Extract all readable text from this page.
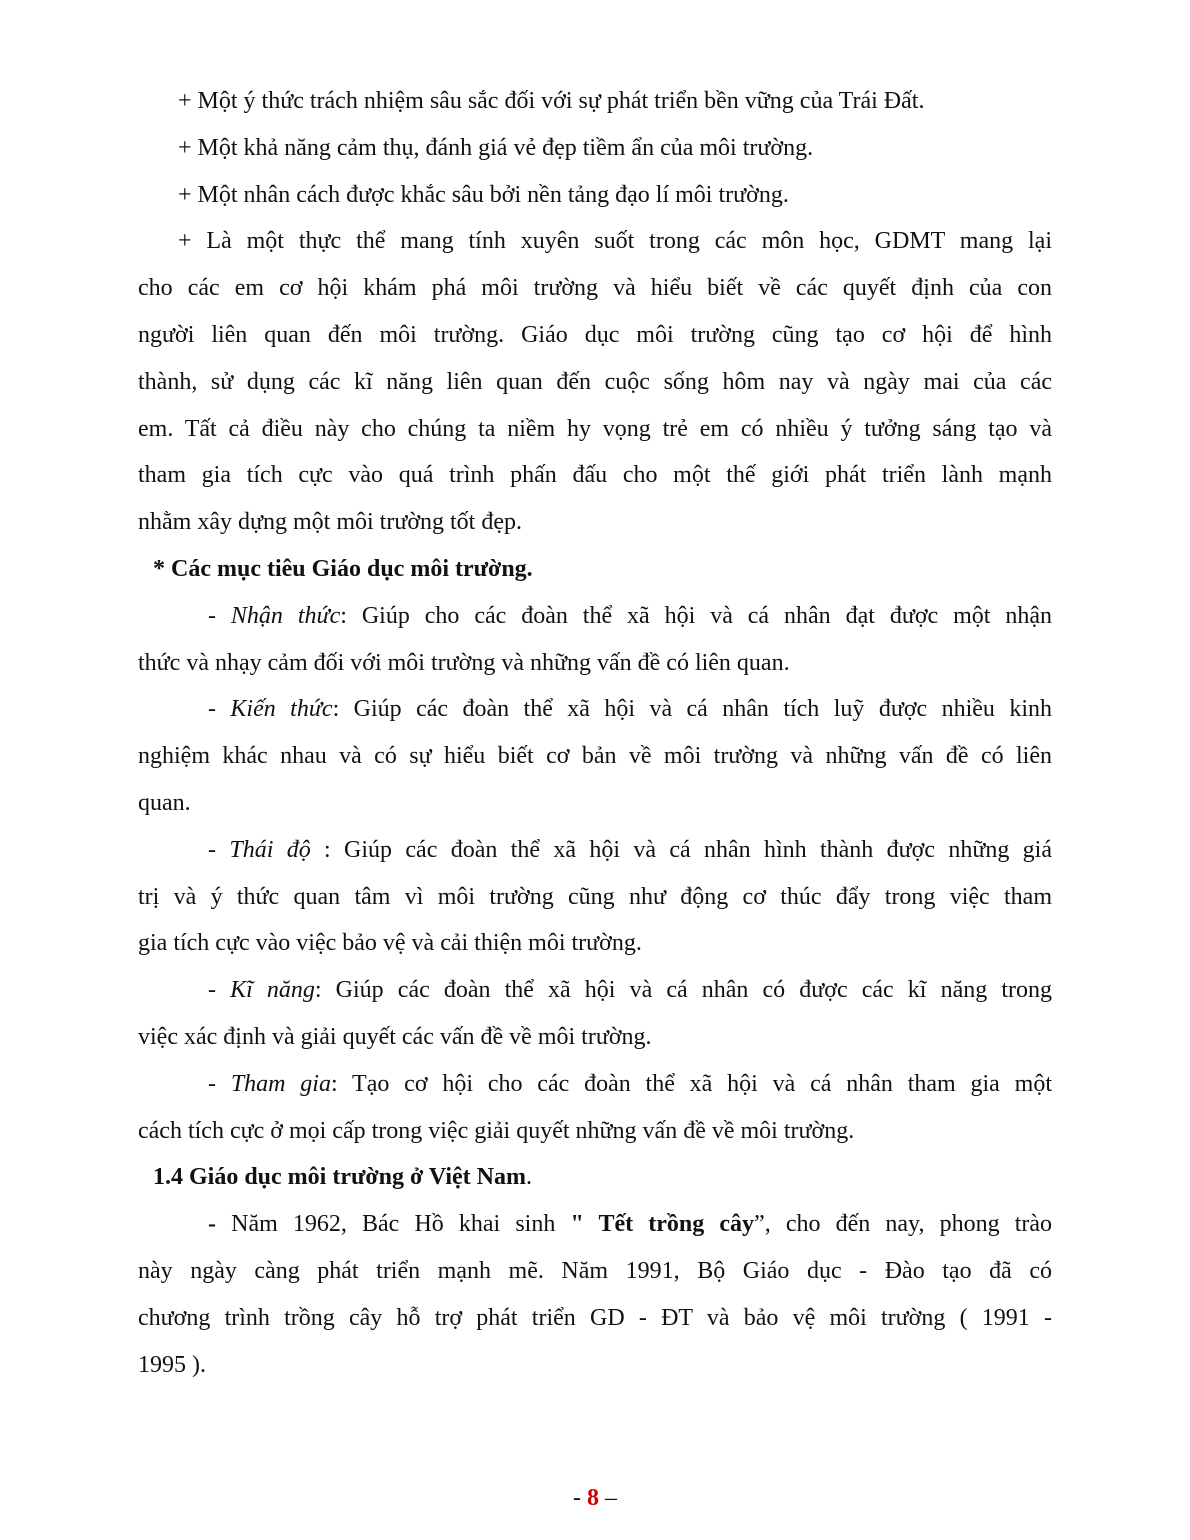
+ Một ý thức trách nhiệm sâu sắc đối với sự phát triển bền vững của Trái Đất.
+ Một khả năng cảm thụ, đánh giá vẻ đẹp tiềm ẩn của môi trường.
+ Một nhân cách được khắc sâu bởi nền tảng đạo lí môi trường.
+ Là một thực thể mang tính xuyên suốt trong các môn học, GDMT mang lại
cho các em cơ hội khám phá môi trường và hiểu biết về các quyết định của con
người liên quan đến môi trường. Giáo dục môi trường cũng tạo cơ hội để hình
thành, sử dụng các kĩ năng liên quan đến cuộc sống hôm nay và ngày mai của các
em. Tất cả điều này cho chúng ta niềm hy vọng trẻ em có nhiều ý tưởng sáng tạo và
tham gia tích cực vào quá trình phấn đấu cho một thế giới phát triển lành mạnh
nhằm xây dựng một môi trường tốt đẹp.
* Các mục tiêu Giáo dục môi trường.
- Nhận thức: Giúp cho các đoàn thể xã hội và cá nhân đạt được một nhận
thức và nhạy cảm đối với môi trường và những vấn đề có liên quan.
- Kiến thức: Giúp các đoàn thể xã hội và cá nhân tích luỹ được nhiều kinh
nghiệm khác nhau và có sự hiểu biết cơ bản về môi trường và những vấn đề có liên
quan.
- Thái độ : Giúp các đoàn thể xã hội và cá nhân hình thành được những giá
trị và ý thức quan tâm vì môi trường cũng như động cơ thúc đẩy trong việc tham
gia tích cực vào việc bảo vệ và cải thiện môi trường.
- Kĩ năng: Giúp các đoàn thể xã hội và cá nhân có được các kĩ năng trong
việc xác định và giải quyết các vấn đề về môi trường.
- Tham gia: Tạo cơ hội cho các đoàn thể xã hội và cá nhân tham gia một
cách tích cực ở mọi cấp trong việc giải quyết những vấn đề về môi trường.
1.4 Giáo dục môi trường ở Việt Nam.
- Năm 1962, Bác Hồ khai sinh " Tết trồng cây”, cho đến nay, phong trào
này ngày càng phát triển mạnh mẽ. Năm 1991, Bộ Giáo dục - Đào tạo đã có
chương trình trồng cây hỗ trợ phát triển GD - ĐT và bảo vệ môi trường ( 1991 -
1995 ).
- 8 –
